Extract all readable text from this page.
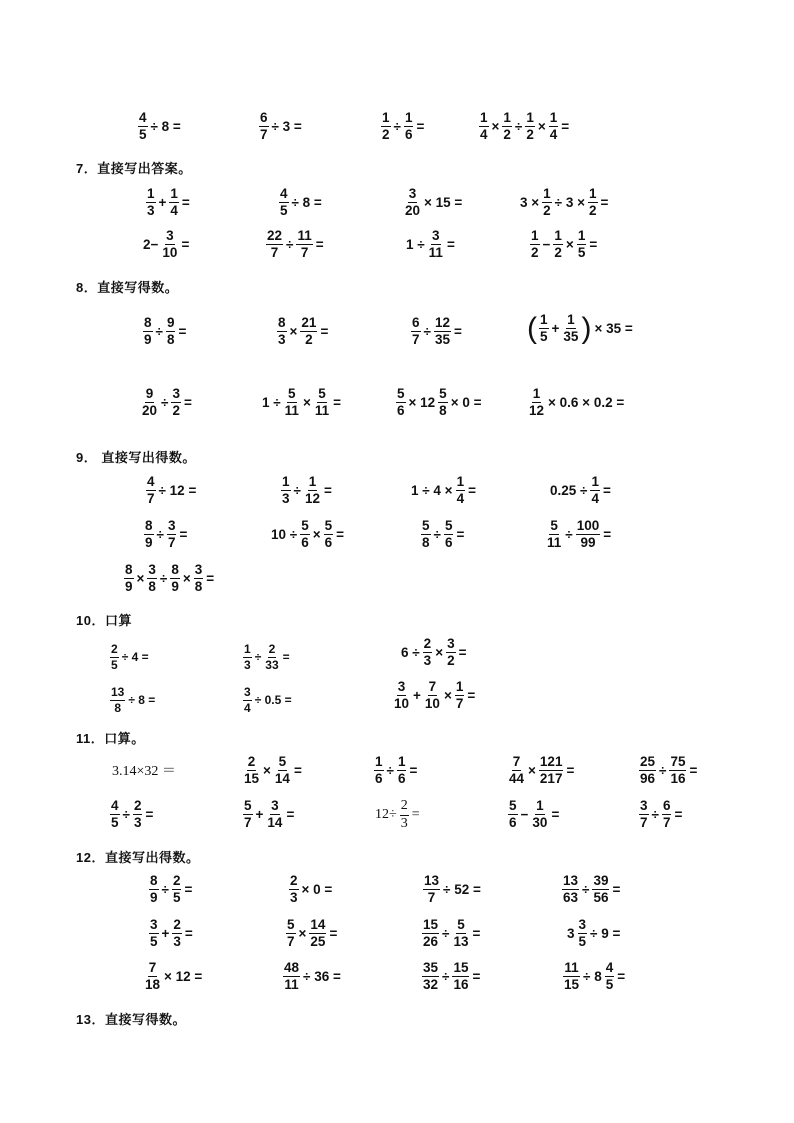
$\frac{4}{5} \div 8$ =	$\frac{6}{7} \div 3$ =	$\frac{1}{2} \div \frac{1}{6}$ =	$\frac{1}{4} \times \frac{1}{2} \div \frac{1}{2} \times \frac{1}{4}$ =
7．直接写出答案。
$\frac{1}{3} + \frac{1}{4}$ =	$\frac{4}{5} \div 8$ =	$\frac{3}{20} \times 15$ =	$3 \times \frac{1}{2} \div 3 \times \frac{1}{2}$ =
$2- \frac{3}{10}$ =	$\frac{22}{7} \div \frac{11}{7}$ =	$1 \div \frac{3}{11}$ =	$\frac{1}{2} - \frac{1}{2} \times \frac{1}{5}$ =
8．直接写得数。
$\frac{8}{9} \div \frac{9}{8}$ =	$\frac{8}{3} \times \frac{21}{2}$ =	$\frac{6}{7} \div \frac{12}{35}$ = ( $\frac{1}{5} + \frac{1}{35}$ ) × 35 =
$\frac{9}{20} \div \frac{3}{2}$ =	$1 \div \frac{5}{11} \times \frac{5}{11}$ =	$\frac{5}{6} \times 12 \frac{5}{8} \times 0$ =	$\frac{1}{12} \times 0.6 \times 0.2$ =
9． 直接写出得数。
$\frac{4}{7} \div 12$ =	$\frac{1}{3} \div \frac{1}{12}$ =	$1 \div 4 \times \frac{1}{4}$ =	$0.25 \div \frac{1}{4}$ =
$\frac{8}{9} \div \frac{3}{7}$ =	$10 \div \frac{5}{6} \times \frac{5}{6}$ =	$\frac{5}{8} \div \frac{5}{6}$ =	$\frac{5}{11} \div \frac{100}{99}$ =
$\frac{8}{9} \times \frac{3}{8} \div \frac{8}{9} \times \frac{3}{8}$ =
10．口算
$\frac{2}{5} \div 4$ =	$\frac{1}{3} \div \frac{2}{33}$ =	$6 \div \frac{2}{3} \times \frac{3}{2}$ =
$\frac{13}{8} \div 8$ =	$\frac{3}{4} \div 0.5$ =	$\frac{3}{10} + \frac{7}{10} \times \frac{1}{7}$ =
11．口算。
3.14×32 ＝	$\frac{2}{15} \times \frac{5}{14}$ =	$\frac{1}{6} \div \frac{1}{6}$ =	$\frac{7}{44} \times \frac{121}{217}$ =	$\frac{25}{96} \div \frac{75}{16}$ =
$\frac{4}{5} \div \frac{2}{3}$ =	$\frac{5}{7} + \frac{3}{14}$ =	$12\div \frac{2}{3}$ =	$\frac{5}{6} - \frac{1}{30}$ =	$\frac{3}{7} \div \frac{6}{7}$ =
12．直接写出得数。
$\frac{8}{9} \div \frac{2}{5}$ =	$\frac{2}{3} \times 0$ =	$\frac{13}{7} \div 52$ =	$\frac{13}{63} \div \frac{39}{56}$ =
$\frac{3}{5} + \frac{2}{3}$ =	$\frac{5}{7} \times \frac{14}{25}$ =	$\frac{15}{26} \div \frac{5}{13}$ =	$3 \frac{3}{5} \div 9$ =
$\frac{7}{18} \times 12$ =	$\frac{48}{11} \div 36$ =	$\frac{35}{32} \div \frac{15}{16}$ =	$\frac{11}{15} \div 8 \frac{4}{5}$ =
13．直接写得数。
